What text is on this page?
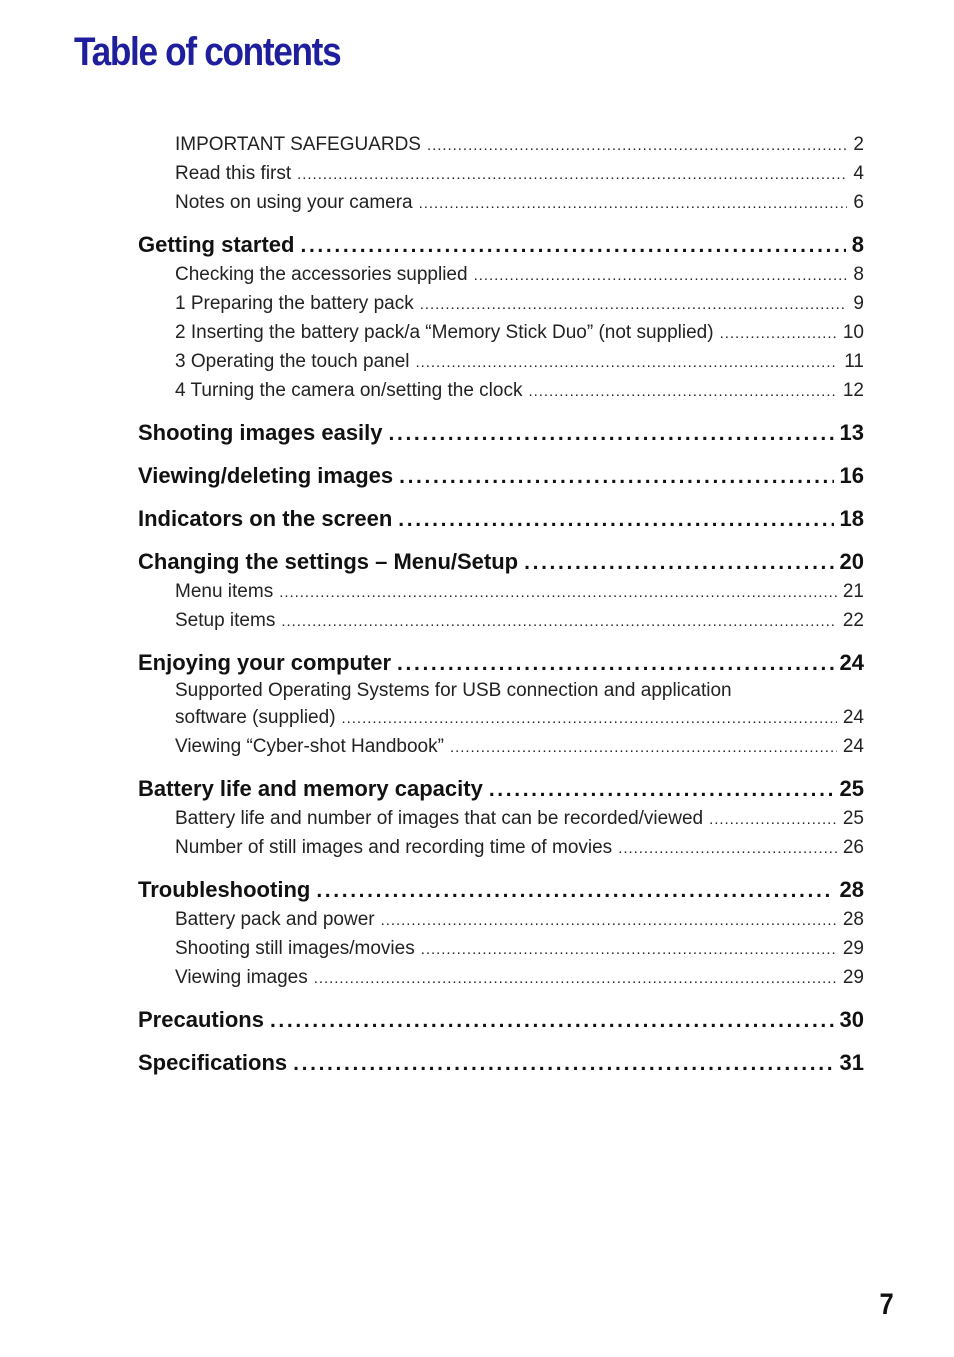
Table of contents
IMPORTANT SAFEGUARDS . . .	2
Read this first . . .	4
Notes on using your camera . . .	6
Getting started . . .	8
Checking the accessories supplied . . .	8
1 Preparing the battery pack . . .	9
2 Inserting the battery pack/a “Memory Stick Duo” (not supplied) . . .	10
3 Operating the touch panel . . .	11
4 Turning the camera on/setting the clock . . .	12
Shooting images easily . . .	13
Viewing/deleting images . . .	16
Indicators on the screen . . .	18
Changing the settings – Menu/Setup . . .	20
Menu items . . .	21
Setup items . . .	22
Enjoying your computer . . .	24
Supported Operating Systems for USB connection and application
software (supplied) . . .	24
Viewing “Cyber-shot Handbook” . . .	24
Battery life and memory capacity . . .	25
Battery life and number of images that can be recorded/viewed . . .	25
Number of still images and recording time of movies . . .	26
Troubleshooting . . .	28
Battery pack and power . . .	28
Shooting still images/movies . . .	29
Viewing images . . .	29
Precautions . . .	30
Specifications . . .	31
7
